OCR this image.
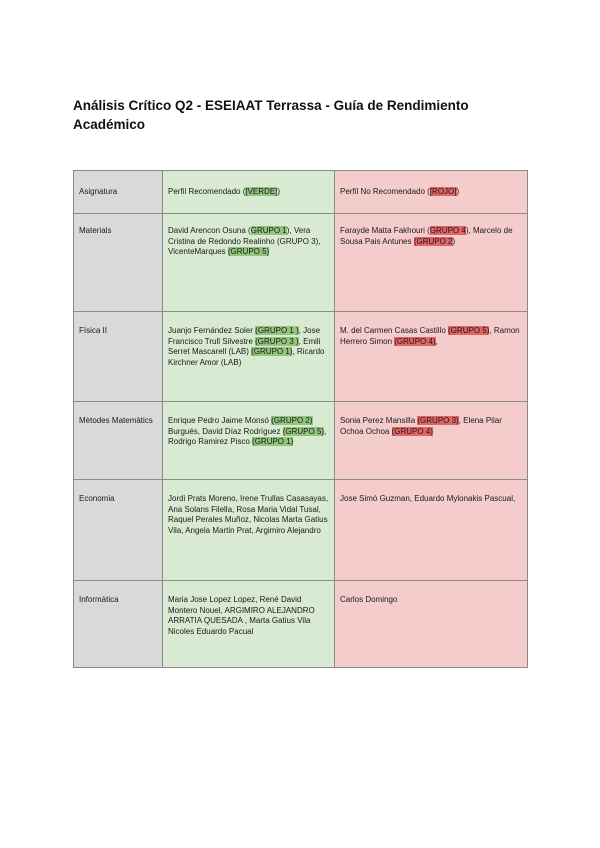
Análisis Crítico Q2 - ESEIAAT Terrassa - Guía de Rendimiento Académico
Asignatura	Perfil Recomendado ([VERDE])	Perfil No Recomendado ([ROJO])
Materials	David Arencon Osuna (GRUPO 1), Vera Cristina de Redondo Realinho (GRUPO 3), VicenteMarques (GRUPO 5)	Farayde Matta Fakhouri (GRUPO 4), Marcelo de Sousa Pais Antunes (GRUPO 2)
Física II	Juanjo Fernández Soler (GRUPO 1 ), Jose Francisco Trull Silvestre (GRUPO 3 ), Emili Serret Mascarell (LAB) (GRUPO 1), Ricardo Kirchner Amor (LAB)	M. del Carmen Casas Castillo (GRUPO 5), Ramon Herrero Simon (GRUPO 4),
Mètodes Matemàtics	Enrique Pedro Jaime Monsó (GRUPO 2) Burgués, David Díaz Rodríguez (GRUPO 5), Rodrigo Ramirez Pisco (GRUPO 1)	Sonia Perez Mansilla (GRUPO 3), Elena Pilar Ochoa Ochoa (GRUPO 4)
Economia	Jordi Prats Moreno, Irene Trullas Casasayas, Ana Solans Filella, Rosa Maria Vidal Tusal, Raquel Perales Muñoz, Nicolas Marta Gatius Vila, Angela Martin Prat, Argimiro Alejandro	Jose Simó Guzman, Eduardo Mylonakis Pascual,
Informàtica	Maria Jose Lopez Lopez, René David Montero Nouel, ARGIMIRO ALEJANDRO ARRATIA QUESADA , Marta Gatius Vila Nicoles Eduardo Pacual	Carlos Domingo
